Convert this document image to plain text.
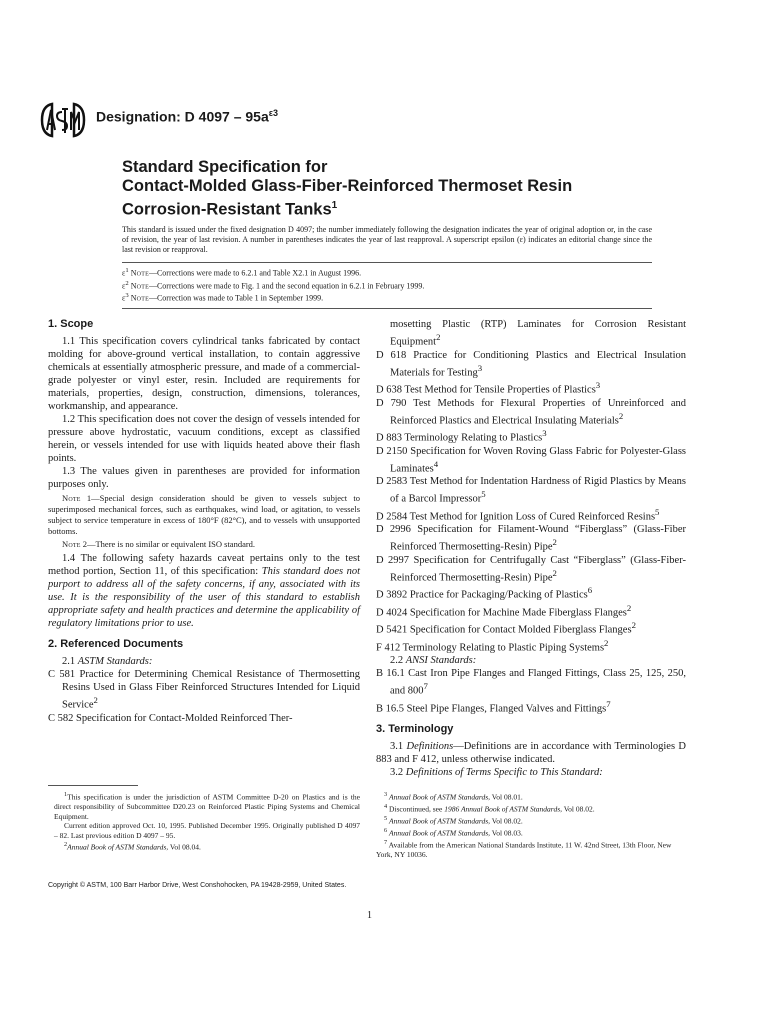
Designation: D $4097 - 95a^{\varepsilon 3}$
Standard Specification for
Contact-Molded Glass-Fiber-Reinforced Thermoset Resin
Corrosion-Resistant Tanks$^1$
This standard is issued under the fixed designation D 4097; the number immediately following the designation indicates the year of original adoption or, in the case of revision, the year of last revision. A number in parentheses indicates the year of last reapproval. A superscript epsilon (ε) indicates an editorial change since the last revision or reapproval.
$\varepsilon^1$ Note—Corrections were made to 6.2.1 and Table X2.1 in August 1996.
$\varepsilon^2$ Note—Corrections were made to Fig. 1 and the second equation in 6.2.1 in February 1999.
$\varepsilon^3$ Note—Correction was made to Table 1 in September 1999.
1. Scope

1.1 This specification covers cylindrical tanks fabricated by contact molding for above-ground vertical installation, to contain aggressive chemicals at essentially atmospheric pressure, and made of a commercial-grade polyester or vinyl ester, resin. Included are requirements for materials, properties, design, construction, dimensions, tolerances, workmanship, and appearance.

1.2 This specification does not cover the design of vessels intended for pressure above hydrostatic, vacuum conditions, except as classified herein, or vessels intended for use with liquids heated above their flash points.

1.3 The values given in parentheses are provided for information purposes only.

Note 1—Special design consideration should be given to vessels subject to superimposed mechanical forces, such as earthquakes, wind load, or agitation, to vessels subject to service temperature in excess of 180°F (82°C), and to vessels with unsupported bottoms.

Note 2—There is no similar or equivalent ISO standard.

1.4 The following safety hazards caveat pertains only to the test method portion, Section 11, of this specification: This standard does not purport to address all of the safety concerns, if any, associated with its use. It is the responsibility of the user of this standard to establish appropriate safety and health practices and determine the applicability of regulatory limitations prior to use.

2. Referenced Documents

2.1 ASTM Standards:

C 581 Practice for Determining Chemical Resistance of Thermosetting Resins Used in Glass Fiber Reinforced Structures Intended for Liquid Service$^2$

C 582 Specification for Contact-Molded Reinforced Ther-

mosetting Plastic (RTP) Laminates for Corrosion Resistant Equipment$^2$

D 618 Practice for Conditioning Plastics and Electrical Insulation Materials for Testing$^3$

D 638 Test Method for Tensile Properties of Plastics$^3$

D 790 Test Methods for Flexural Properties of Unreinforced and Reinforced Plastics and Electrical Insulating Materials$^2$

D 883 Terminology Relating to Plastics$^3$

D 2150 Specification for Woven Roving Glass Fabric for Polyester-Glass Laminates$^4$

D 2583 Test Method for Indentation Hardness of Rigid Plastics by Means of a Barcol Impressor$^5$

D 2584 Test Method for Ignition Loss of Cured Reinforced Resins$^5$

D 2996 Specification for Filament-Wound “Fiberglass” (Glass-Fiber Reinforced Thermosetting-Resin) Pipe$^2$

D 2997 Specification for Centrifugally Cast “Fiberglass” (Glass-Fiber-Reinforced Thermosetting-Resin) Pipe$^2$

D 3892 Practice for Packaging/Packing of Plastics$^6$

D 4024 Specification for Machine Made Fiberglass Flanges$^2$

D 5421 Specification for Contact Molded Fiberglass Flanges$^2$

F 412 Terminology Relating to Plastic Piping Systems$^2$

2.2 ANSI Standards:

B 16.1 Cast Iron Pipe Flanges and Flanged Fittings, Class 25, 125, 250, and $800^7$

B 16.5 Steel Pipe Flanges, Flanged Valves and Fittings$^7$

3. Terminology

3.1 Definitions—Definitions are in accordance with Terminologies D 883 and F 412, unless otherwise indicated.

3.2 Definitions of Terms Specific to This Standard:

$^1$This specification is under the jurisdiction of ASTM Committee D-20 on Plastics and is the direct responsibility of Subcommittee D20.23 on Reinforced Plastic Piping Systems and Chemical Equipment.
Current edition approved Oct. 10, 1995. Published December 1995. Originally published D 4097 – 82. Last previous edition D 4097 – 95.
$^2$Annual Book of ASTM Standards, Vol 08.04.
$^3$ Annual Book of ASTM Standards, Vol 08.01.
$^4$ Discontinued, see 1986 Annual Book of ASTM Standards, Vol 08.02.
$^5$ Annual Book of ASTM Standards, Vol 08.02.
$^6$ Annual Book of ASTM Standards, Vol 08.03.
$^7$ Available from the American National Standards Institute, 11 W. 42nd Street, 13th Floor, New York, NY 10036.
Copyright © ASTM, 100 Barr Harbor Drive, West Conshohocken, PA 19428-2959, United States.
1
